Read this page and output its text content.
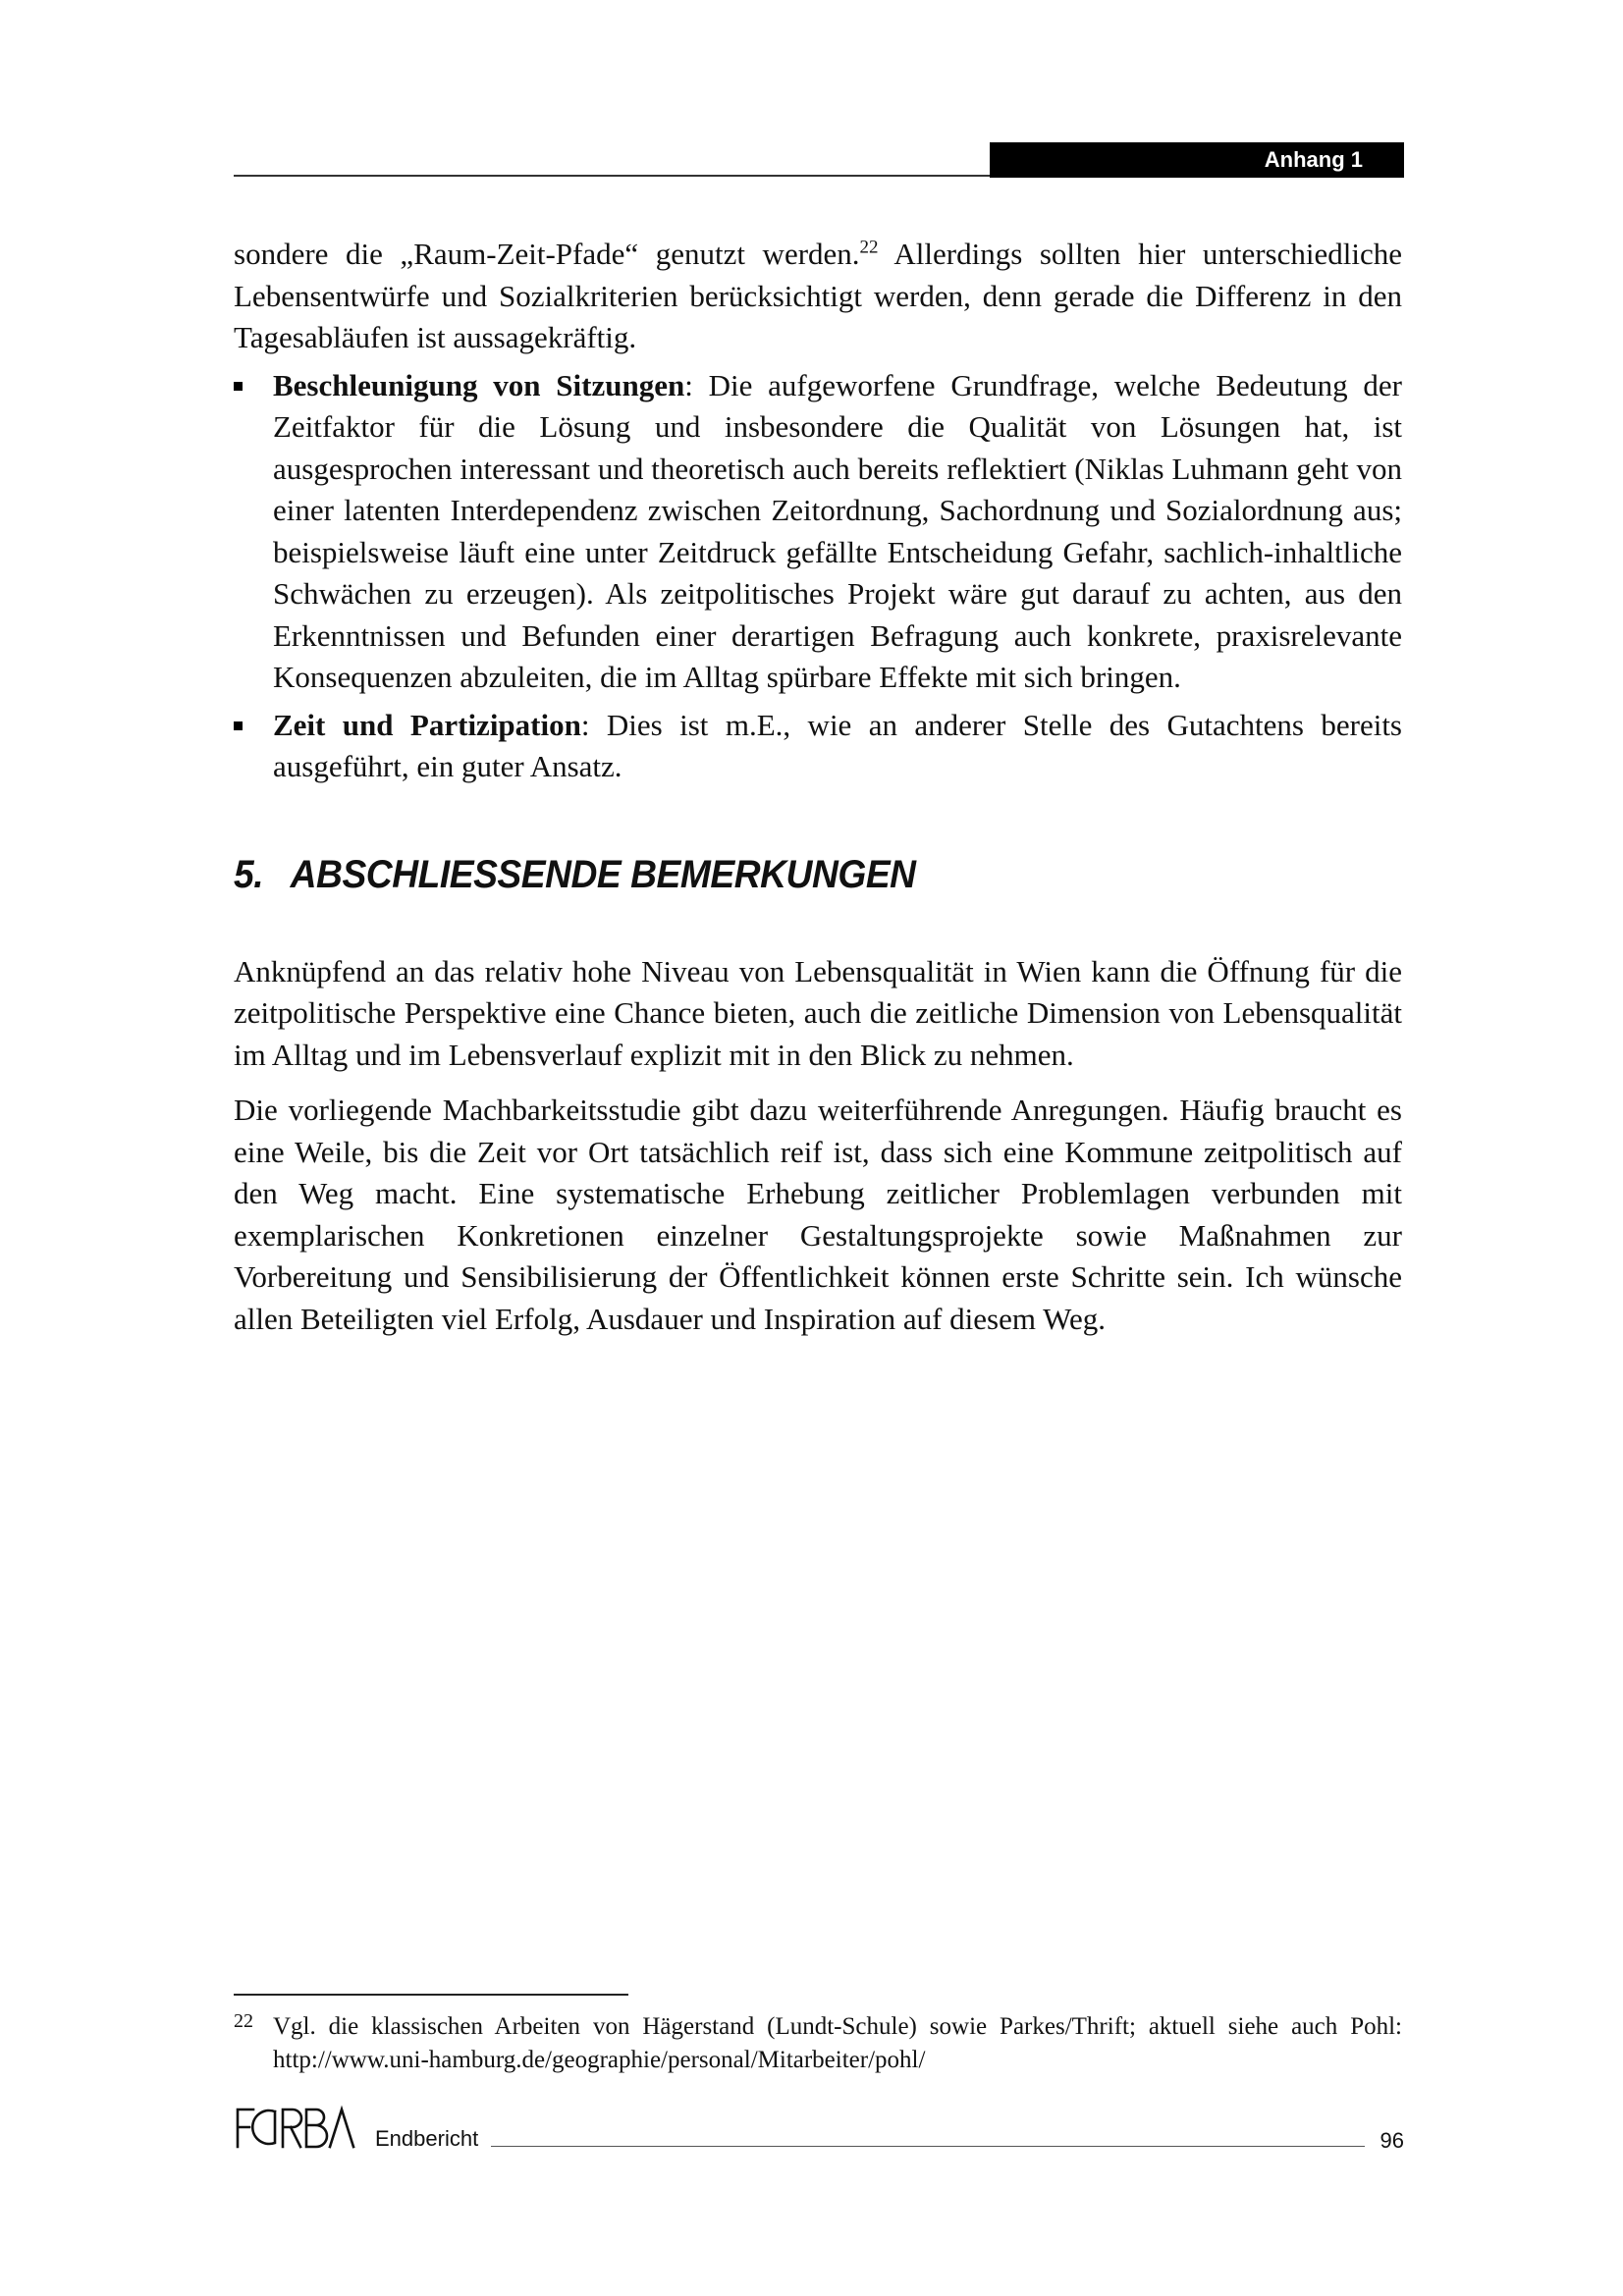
Anhang 1

sondere die „Raum-Zeit-Pfade“ genutzt werden.$^{22}$ Allerdings sollten hier unterschiedliche Lebensentwürfe und Sozialkriterien berücksichtigt werden, denn gerade die Differenz in den Tagesabläufen ist aussagekräftig.

Beschleunigung von Sitzungen: Die aufgeworfene Grundfrage, welche Bedeutung der Zeitfaktor für die Lösung und insbesondere die Qualität von Lösungen hat, ist ausgesprochen interessant und theoretisch auch bereits reflektiert (Niklas Luhmann geht von einer latenten Interdependenz zwischen Zeitordnung, Sachordnung und Sozialordnung aus; beispielsweise läuft eine unter Zeitdruck gefällte Entscheidung Gefahr, sachlich-inhaltliche Schwächen zu erzeugen). Als zeitpolitisches Projekt wäre gut darauf zu achten, aus den Erkenntnissen und Befunden einer derartigen Befragung auch konkrete, praxisrelevante Konsequenzen abzuleiten, die im Alltag spürbare Effekte mit sich bringen.

Zeit und Partizipation: Dies ist m.E., wie an anderer Stelle des Gutachtens bereits ausgeführt, ein guter Ansatz.

5. ABSCHLIESSENDE BEMERKUNGEN

Anknüpfend an das relativ hohe Niveau von Lebensqualität in Wien kann die Öffnung für die zeitpolitische Perspektive eine Chance bieten, auch die zeitliche Dimension von Lebensqualität im Alltag und im Lebensverlauf explizit mit in den Blick zu nehmen.

Die vorliegende Machbarkeitsstudie gibt dazu weiterführende Anregungen. Häufig braucht es eine Weile, bis die Zeit vor Ort tatsächlich reif ist, dass sich eine Kommune zeitpolitisch auf den Weg macht. Eine systematische Erhebung zeitlicher Problemlagen verbunden mit exemplarischen Konkretionen einzelner Gestaltungsprojekte sowie Maßnahmen zur Vorbereitung und Sensibilisierung der Öffentlichkeit können erste Schritte sein. Ich wünsche allen Beteiligten viel Erfolg, Ausdauer und Inspiration auf diesem Weg.

22 Vgl. die klassischen Arbeiten von Hägerstand (Lundt-Schule) sowie Parkes/Thrift; aktuell siehe auch Pohl: http://www.uni-hamburg.de/geographie/personal/Mitarbeiter/pohl/
Endbericht	96
